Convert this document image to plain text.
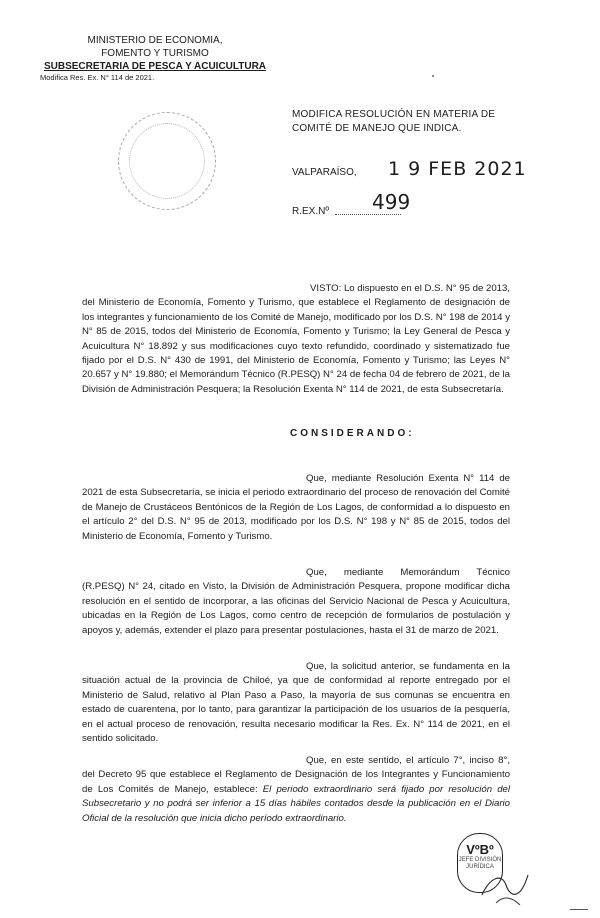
MINISTERIO DE ECONOMIA,
FOMENTO Y TURISMO
SUBSECRETARIA DE PESCA Y ACUICULTURA
Modifica Res. Ex. N° 114 de 2021.
MODIFICA RESOLUCIÓN EN MATERIA DE COMITÉ DE MANEJO QUE INDICA.
VALPARAÍSO, 1 9 FEB 2021
R.EX.Nº 499

VISTO: Lo dispuesto en el D.S. N° 95 de 2013, del Ministerio de Economía, Fomento y Turismo, que establece el Reglamento de designación de los integrantes y funcionamiento de los Comité de Manejo, modificado por los D.S. N° 198 de 2014 y N° 85 de 2015, todos del Ministerio de Economía, Fomento y Turismo; la Ley General de Pesca y Acuicultura N° 18.892 y sus modificaciones cuyo texto refundido, coordinado y sistematizado fue fijado por el D.S. N° 430 de 1991, del Ministerio de Economía, Fomento y Turismo; las Leyes N° 20.657 y N° 19.880; el Memorándum Técnico (R.PESQ) N° 24 de fecha 04 de febrero de 2021, de la División de Administración Pesquera; la Resolución Exenta N° 114 de 2021, de esta Subsecretaría.

CONSIDERANDO:

Que, mediante Resolución Exenta N° 114 de 2021 de esta Subsecretaría, se inicia el periodo extraordinario del proceso de renovación del Comité de Manejo de Crustáceos Bentónicos de la Región de Los Lagos, de conformidad a lo dispuesto en el artículo 2° del D.S. N° 95 de 2013, modificado por los D.S. N° 198 y N° 85 de 2015, todos del Ministerio de Economía, Fomento y Turismo.

Que, mediante Memorándum Técnico (R.PESQ) N° 24, citado en Visto, la División de Administración Pesquera, propone modificar dicha resolución en el sentido de incorporar, a las oficinas del Servicio Nacional de Pesca y Acuicultura, ubicadas en la Región de Los Lagos, como centro de recepción de formularios de postulación y apoyos y, además, extender el plazo para presentar postulaciones, hasta el 31 de marzo de 2021.

Que, la solicitud anterior, se fundamenta en la situación actual de la provincia de Chiloé, ya que de conformidad al reporte entregado por el Ministerio de Salud, relativo al Plan Paso a Paso, la mayoría de sus comunas se encuentra en estado de cuarentena, por lo tanto, para garantizar la participación de los usuarios de la pesquería, en el actual proceso de renovación, resulta necesario modificar la Res. Ex. N° 114 de 2021, en el sentido solicitado.

Que, en este sentido, el artículo 7°, inciso 8°, del Decreto 95 que establece el Reglamento de Designación de los Integrantes y Funcionamiento de Los Comités de Manejo, establece: El periodo extraordinario será fijado por resolución del Subsecretario y no podrá ser inferior a 15 días hábiles contados desde la publicación en el Diario Oficial de la resolución que inicia dicho período extraordinario.

VºBº
JEFE DIVISIÓN JURÍDICA
